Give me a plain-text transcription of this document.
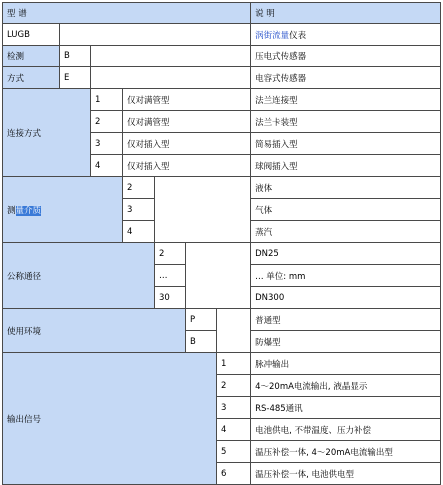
型 谱							说 明
LUGB							涡街流量仪表
检测	B						压电式传感器
方式	E						电容式传感器
连接方式		1	仅对满管型				法兰连接型
		2	仅对满管型				法兰卡装型
		3	仅对插入型				简易插入型
		4	仅对插入型				球阀插入型
测量介质			2				液体
			3				气体
			4				蒸汽
公称通径				2			DN25
				…			… 单位: mm
				30			DN300
使用环境					P		普通型
					B		防爆型
输出信号						1	脉冲输出
						2	4～20mA电流输出, 液晶显示
						3	RS-485通讯
						4	电池供电, 不带温度、压力补偿
						5	温压补偿一体, 4～20mA电流输出型
						6	温压补偿一体, 电池供电型
